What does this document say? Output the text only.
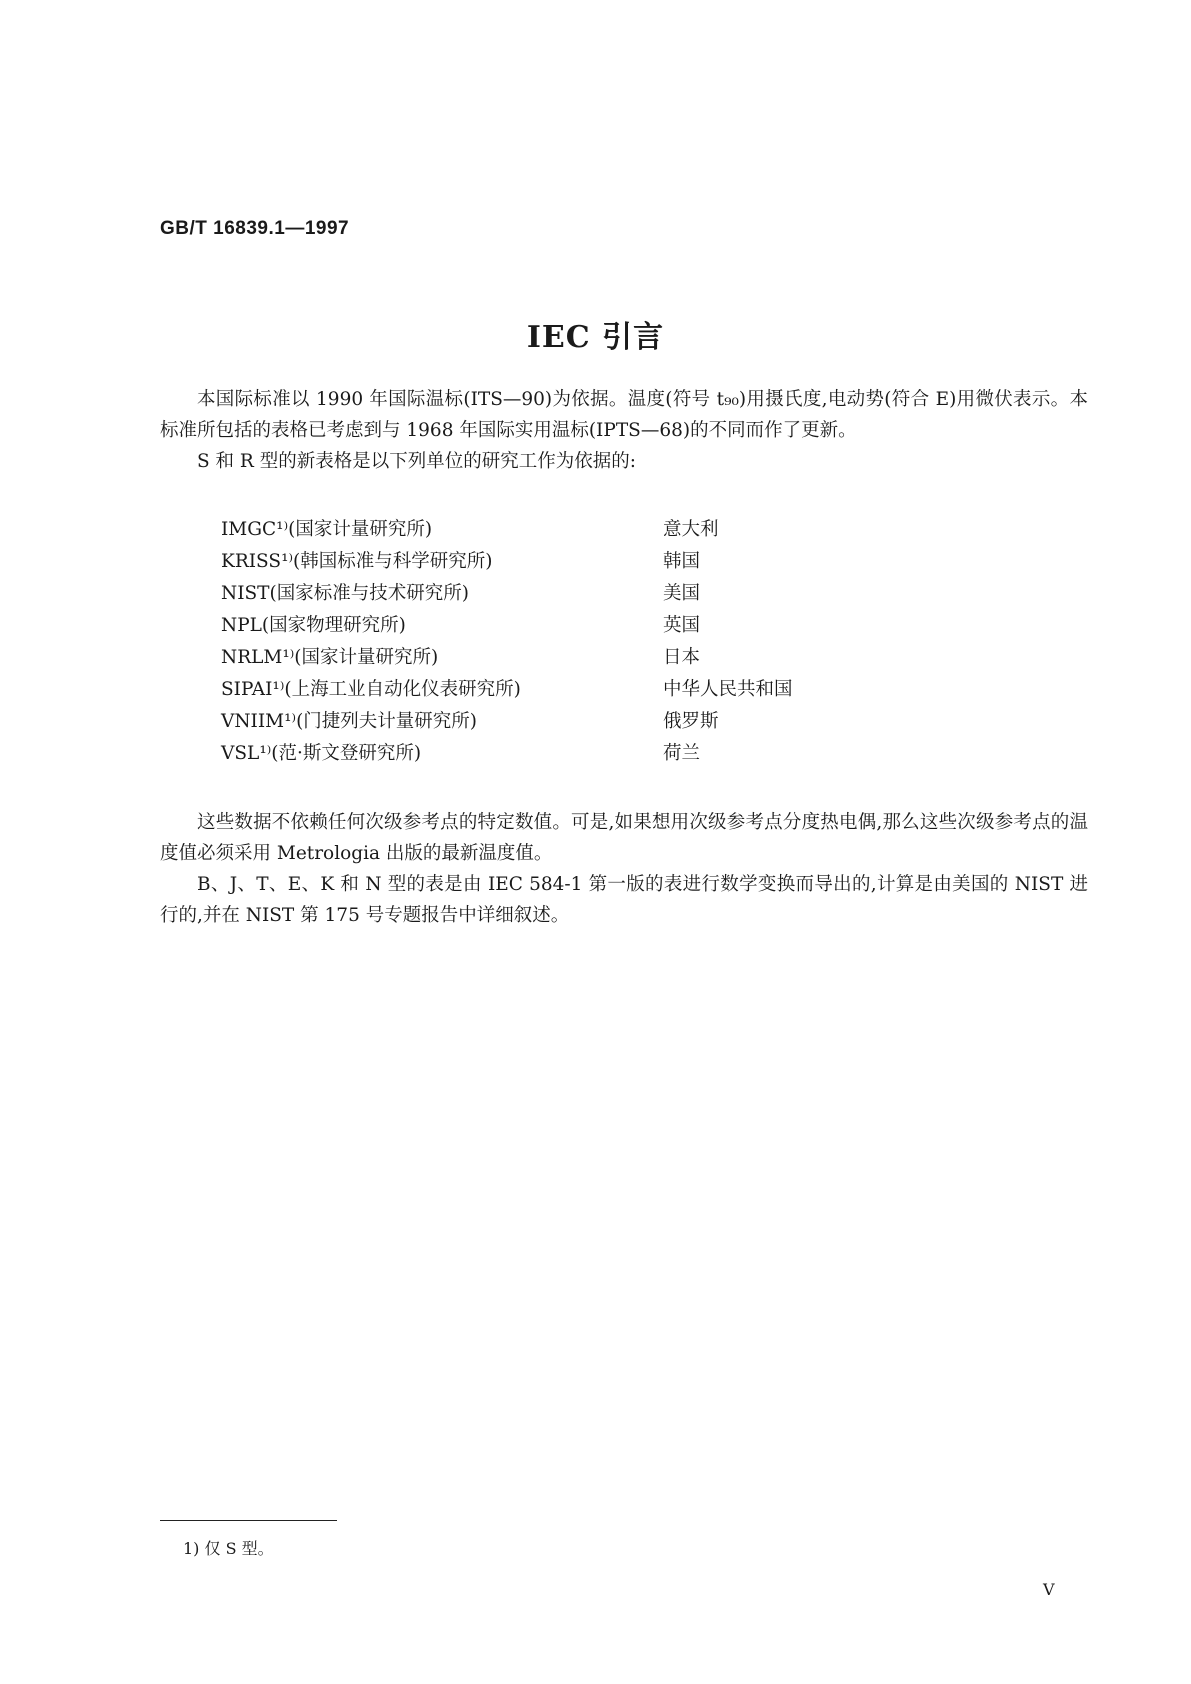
GB/T 16839.1—1997
IEC 引言

本国际标准以 1990 年国际温标(ITS—90)为依据。温度(符号 t₉₀)用摄氏度,电动势(符合 E)用微伏表示。本标准所包括的表格已考虑到与 1968 年国际实用温标(IPTS—68)的不同而作了更新。

S 和 R 型的新表格是以下列单位的研究工作为依据的:

IMGC¹⁾(国家计量研究所)	意大利
KRISS¹⁾(韩国标准与科学研究所)	韩国
NIST(国家标准与技术研究所)	美国
NPL(国家物理研究所)	英国
NRLM¹⁾(国家计量研究所)	日本
SIPAI¹⁾(上海工业自动化仪表研究所)	中华人民共和国
VNIIM¹⁾(门捷列夫计量研究所)	俄罗斯
VSL¹⁾(范·斯文登研究所)	荷兰

这些数据不依赖任何次级参考点的特定数值。可是,如果想用次级参考点分度热电偶,那么这些次级参考点的温度值必须采用 Metrologia 出版的最新温度值。

B、J、T、E、K 和 N 型的表是由 IEC 584-1 第一版的表进行数学变换而导出的,计算是由美国的 NIST 进行的,并在 NIST 第 175 号专题报告中详细叙述。

1) 仅 S 型。
V
